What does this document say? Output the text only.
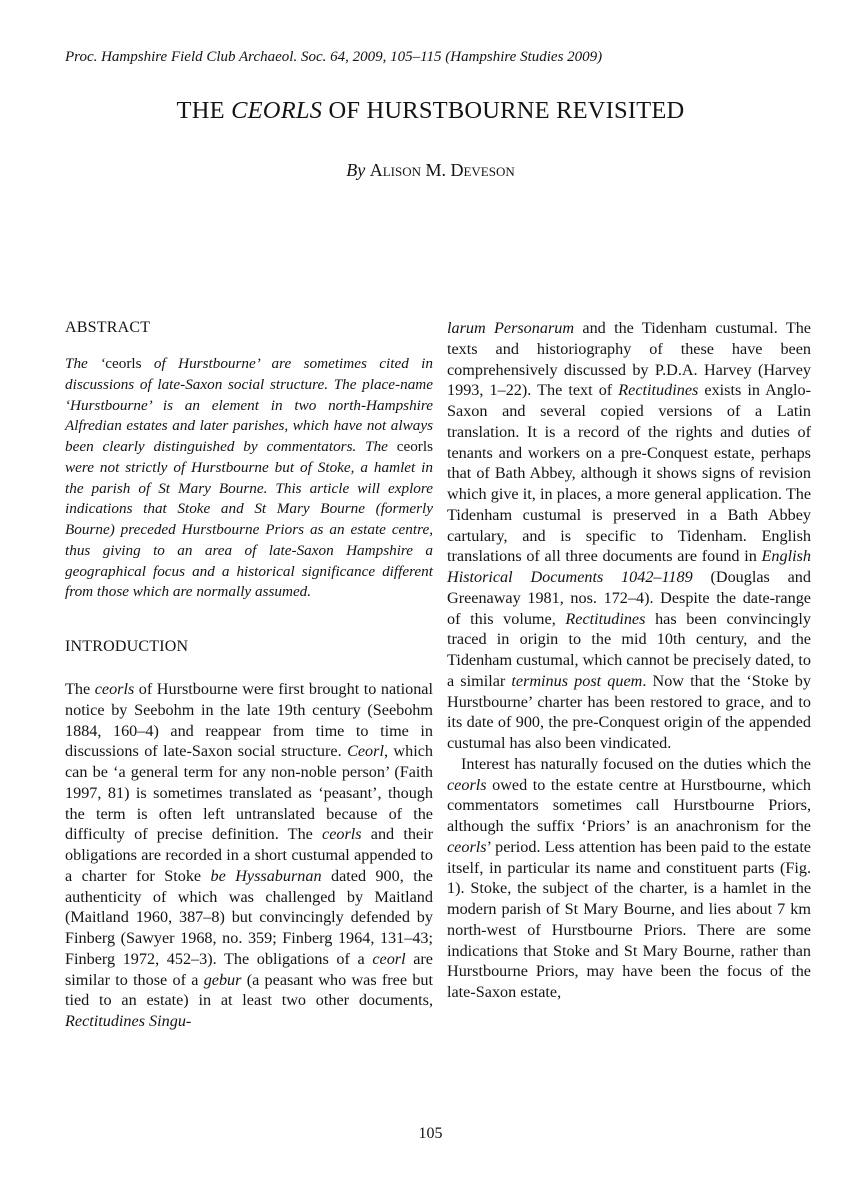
Proc. Hampshire Field Club Archaeol. Soc. 64, 2009, 105–115 (Hampshire Studies 2009)
THE CEORLS OF HURSTBOURNE REVISITED
By Alison M. Deveson
ABSTRACT

The ‘ceorls of Hurstbourne’ are sometimes cited in discussions of late-Saxon social structure. The place-name ‘Hurstbourne’ is an element in two north-Hampshire Alfredian estates and later parishes, which have not always been clearly distinguished by commentators. The ceorls were not strictly of Hurstbourne but of Stoke, a hamlet in the parish of St Mary Bourne. This article will explore indications that Stoke and St Mary Bourne (formerly Bourne) preceded Hurstbourne Priors as an estate centre, thus giving to an area of late-Saxon Hampshire a geographical focus and a historical significance different from those which are normally assumed.

INTRODUCTION

The ceorls of Hurstbourne were first brought to national notice by Seebohm in the late 19th century (Seebohm 1884, 160–4) and reappear from time to time in discussions of late-Saxon social structure. Ceorl, which can be ‘a general term for any non-noble person’ (Faith 1997, 81) is sometimes translated as ‘peasant’, though the term is often left untranslated because of the difficulty of precise definition. The ceorls and their obligations are recorded in a short custumal appended to a charter for Stoke be Hyssaburnan dated 900, the authenticity of which was challenged by Maitland (Maitland 1960, 387–8) but convincingly defended by Finberg (Sawyer 1968, no. 359; Finberg 1964, 131–43; Finberg 1972, 452–3). The obligations of a ceorl are similar to those of a gebur (a peasant who was free but tied to an estate) in at least two other documents, Rectitudines Singu-

larum Personarum and the Tidenham custumal. The texts and historiography of these have been comprehensively discussed by P.D.A. Harvey (Harvey 1993, 1–22). The text of Rectitudines exists in Anglo-Saxon and several copied versions of a Latin translation. It is a record of the rights and duties of tenants and workers on a pre-Conquest estate, perhaps that of Bath Abbey, although it shows signs of revision which give it, in places, a more general application. The Tidenham custumal is preserved in a Bath Abbey cartulary, and is specific to Tidenham. English translations of all three documents are found in English Historical Documents 1042–1189 (Douglas and Greenaway 1981, nos. 172–4). Despite the date-range of this volume, Rectitudines has been convincingly traced in origin to the mid 10th century, and the Tidenham custumal, which cannot be precisely dated, to a similar terminus post quem. Now that the ‘Stoke by Hurstbourne’ charter has been restored to grace, and to its date of 900, the pre-Conquest origin of the appended custumal has also been vindicated.

Interest has naturally focused on the duties which the ceorls owed to the estate centre at Hurstbourne, which commentators sometimes call Hurstbourne Priors, although the suffix ‘Priors’ is an anachronism for the ceorls’ period. Less attention has been paid to the estate itself, in particular its name and constituent parts (Fig. 1). Stoke, the subject of the charter, is a hamlet in the modern parish of St Mary Bourne, and lies about 7 km north-west of Hurstbourne Priors. There are some indications that Stoke and St Mary Bourne, rather than Hurstbourne Priors, may have been the focus of the late-Saxon estate,

105
